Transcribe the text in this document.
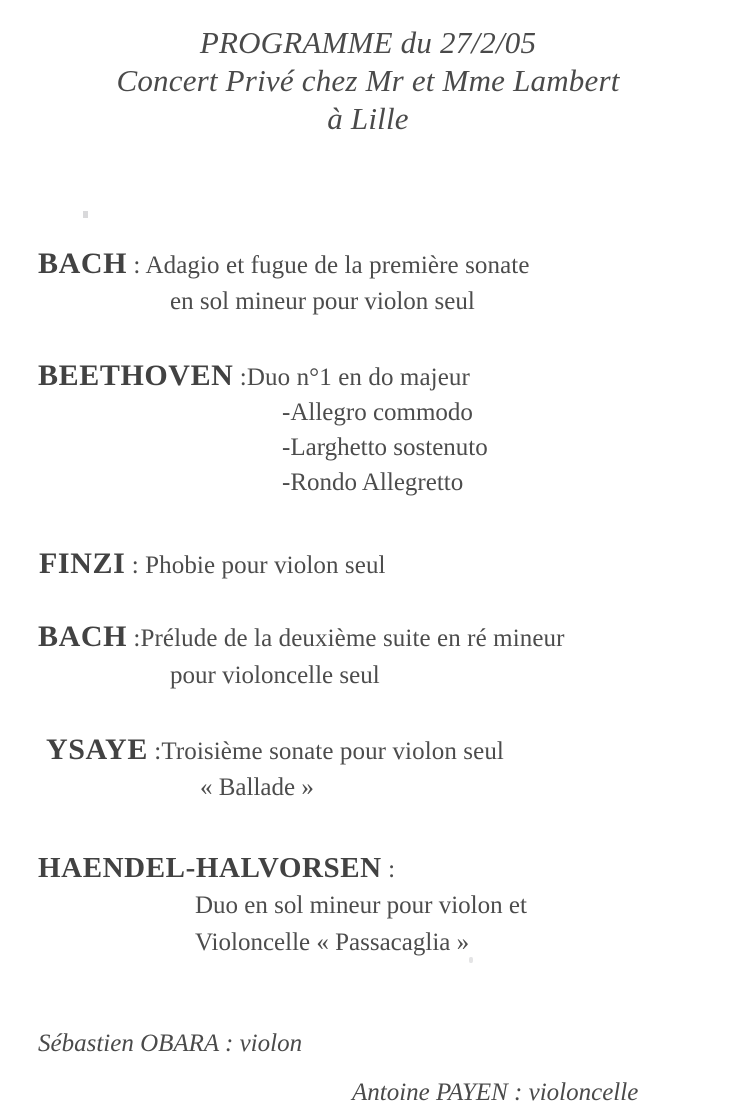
PROGRAMME du 27/2/05
Concert Privé chez Mr et Mme Lambert
à Lille
BACH : Adagio et fugue de la première sonate
en sol mineur pour violon seul
BEETHOVEN :Duo n°1 en do majeur
-Allegro commodo
-Larghetto sostenuto
-Rondo Allegretto
FINZI : Phobie pour violon seul
BACH :Prélude de la deuxième suite en ré mineur
pour violoncelle seul
YSAYE :Troisième sonate pour violon seul
« Ballade »
HAENDEL-HALVORSEN :
Duo en sol mineur pour violon et
Violoncelle « Passacaglia »
Sébastien OBARA : violon
Antoine PAYEN : violoncelle
